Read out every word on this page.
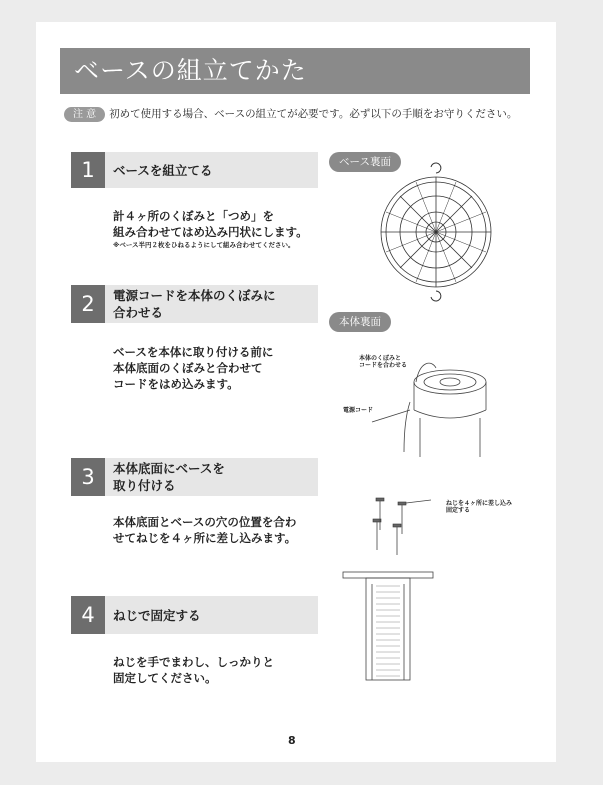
ベースの組立てかた
注 意 初めて使用する場合、ベースの組立てが必要です。必ず以下の手順をお守りください。
1	ベースを組立てる
計４ヶ所のくぼみと「つめ」を
組み合わせてはめ込み円状にします。
※ベース半円２枚をひねるようにして組み合わせてください。
2	電源コードを本体のくぼみに
合わせる
ベースを本体に取り付ける前に
本体底面のくぼみと合わせて
コードをはめ込みます。
3	本体底面にベースを
取り付ける
本体底面とベースの穴の位置を合わ
せてねじを４ヶ所に差し込みます。
4	ねじで固定する
ねじを手でまわし、しっかりと
固定してください。
ベース裏面
本体裏面
本体のくぼみと
コードを合わせる
電源コード
ねじを４ヶ所に差し込み
固定する
8
